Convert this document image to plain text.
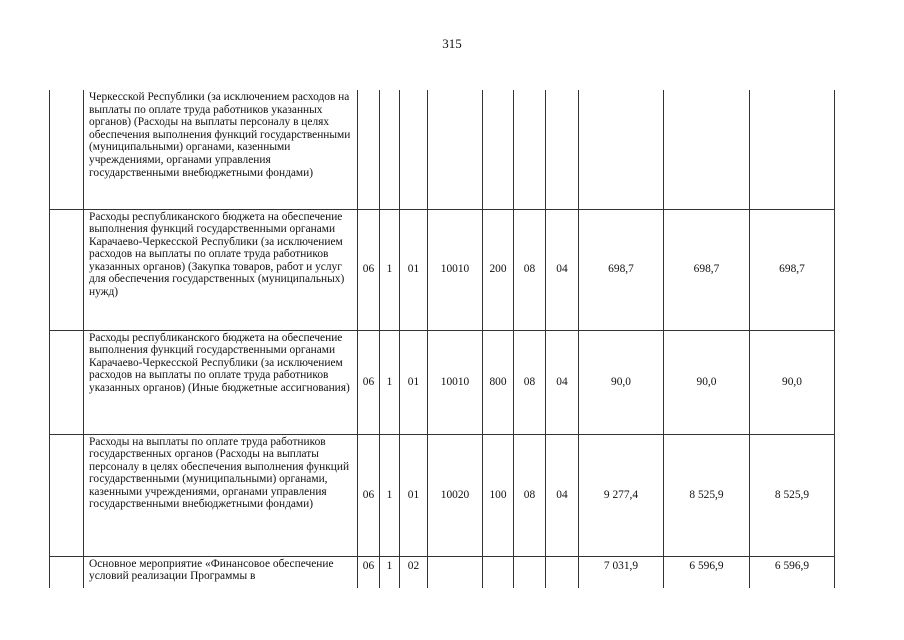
315
	Черкесской Республики (за исключением расходов на выплаты по оплате труда работников указанных органов) (Расходы на выплаты персоналу в целях обеспечения выполнения функций государственными (муниципальными) органами, казенными учреждениями, органами управления государственными внебюджетными фондами)										
	Расходы республиканского бюджета на обеспечение выполнения функций государственными органами Карачаево-Черкесской Республики (за исключением расходов на выплаты по оплате труда работников указанных органов) (Закупка товаров, работ и услуг для обеспечения государственных (муниципальных) нужд)	06	1	01	10010	200	08	04	698,7	698,7	698,7
	Расходы республиканского бюджета на обеспечение выполнения функций государственными органами Карачаево-Черкесской Республики (за исключением расходов на выплаты по оплате труда работников указанных органов) (Иные бюджетные ассигнования)	06	1	01	10010	800	08	04	90,0	90,0	90,0
	Расходы на выплаты по оплате труда работников государственных органов (Расходы на выплаты персоналу в целях обеспечения выполнения функций государственными (муниципальными) органами, казенными учреждениями, органами управления государственными внебюджетными фондами)	06	1	01	10020	100	08	04	9 277,4	8 525,9	8 525,9
	Основное мероприятие «Финансовое обеспечение условий реализации Программы в	06	1	02					7 031,9	6 596,9	6 596,9
